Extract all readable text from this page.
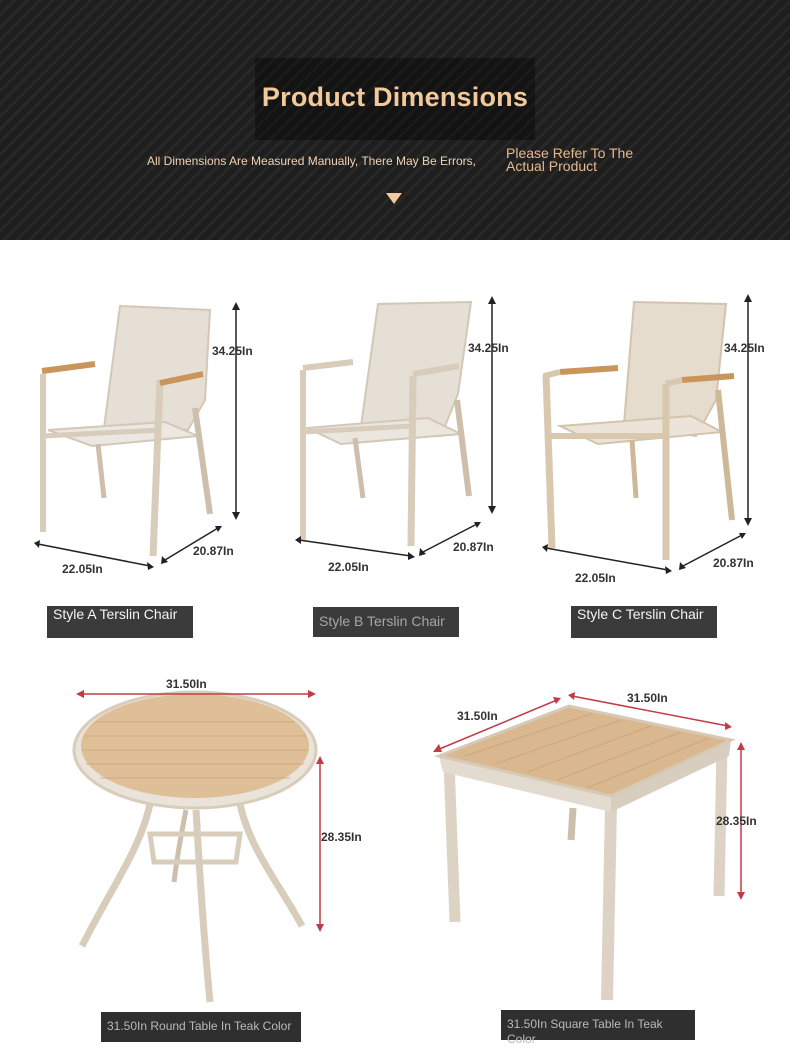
Product Dimensions
All Dimensions Are Measured Manually, There May Be Errors, Please Refer To The Actual Product
34.25In
22.05In
20.87In
Style A Terslin Chair
34.25In
22.05In
20.87In
Style B Terslin Chair
34.25In
22.05In
20.87In
Style C Terslin Chair
31.50In
28.35In
31.50In Round Table In Teak Color
31.50In
31.50In
28.35In
31.50In Square Table In Teak Color
